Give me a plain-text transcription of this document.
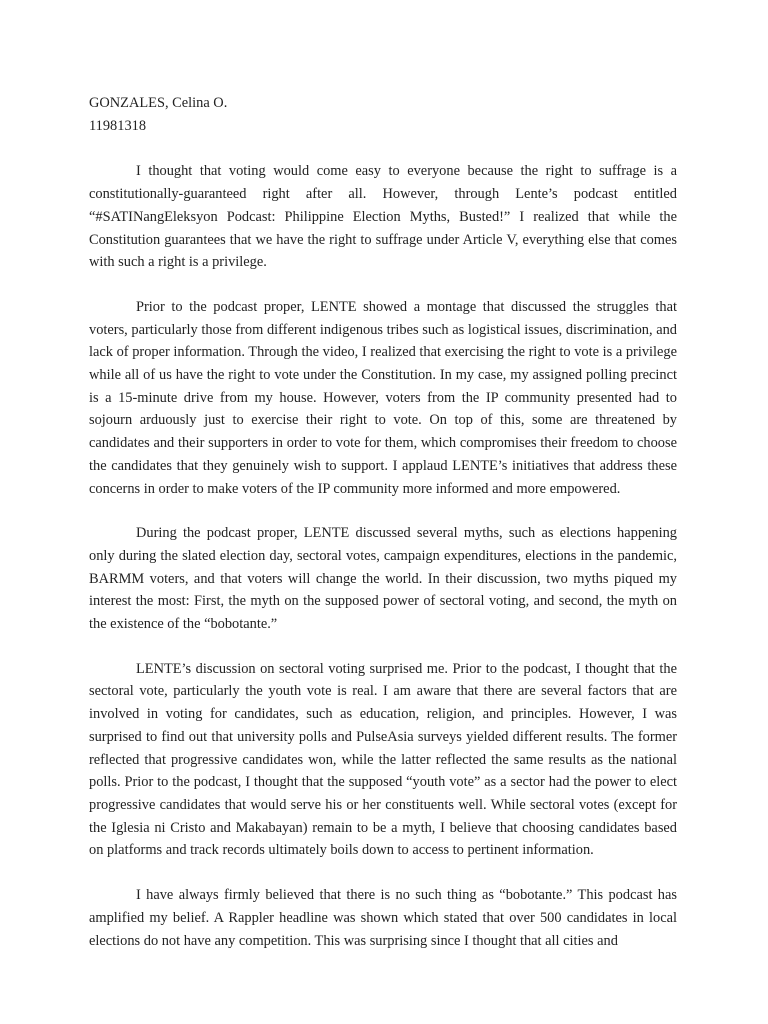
GONZALES, Celina O.

11981318

I thought that voting would come easy to everyone because the right to suffrage is a constitutionally-guaranteed right after all. However, through Lente’s podcast entitled “#SATINangEleksyon Podcast: Philippine Election Myths, Busted!” I realized that while the Constitution guarantees that we have the right to suffrage under Article V, everything else that comes with such a right is a privilege.

Prior to the podcast proper, LENTE showed a montage that discussed the struggles that voters, particularly those from different indigenous tribes such as logistical issues, discrimination, and lack of proper information. Through the video, I realized that exercising the right to vote is a privilege while all of us have the right to vote under the Constitution. In my case, my assigned polling precinct is a 15-minute drive from my house. However, voters from the IP community presented had to sojourn arduously just to exercise their right to vote. On top of this, some are threatened by candidates and their supporters in order to vote for them, which compromises their freedom to choose the candidates that they genuinely wish to support. I applaud LENTE’s initiatives that address these concerns in order to make voters of the IP community more informed and more empowered.

During the podcast proper, LENTE discussed several myths, such as elections happening only during the slated election day, sectoral votes, campaign expenditures, elections in the pandemic, BARMM voters, and that voters will change the world. In their discussion, two myths piqued my interest the most: First, the myth on the supposed power of sectoral voting, and second, the myth on the existence of the “bobotante.”

LENTE’s discussion on sectoral voting surprised me. Prior to the podcast, I thought that the sectoral vote, particularly the youth vote is real. I am aware that there are several factors that are involved in voting for candidates, such as education, religion, and principles. However, I was surprised to find out that university polls and PulseAsia surveys yielded different results. The former reflected that progressive candidates won, while the latter reflected the same results as the national polls. Prior to the podcast, I thought that the supposed “youth vote” as a sector had the power to elect progressive candidates that would serve his or her constituents well. While sectoral votes (except for the Iglesia ni Cristo and Makabayan) remain to be a myth, I believe that choosing candidates based on platforms and track records ultimately boils down to access to pertinent information.

I have always firmly believed that there is no such thing as “bobotante.” This podcast has amplified my belief. A Rappler headline was shown which stated that over 500 candidates in local elections do not have any competition. This was surprising since I thought that all cities and
